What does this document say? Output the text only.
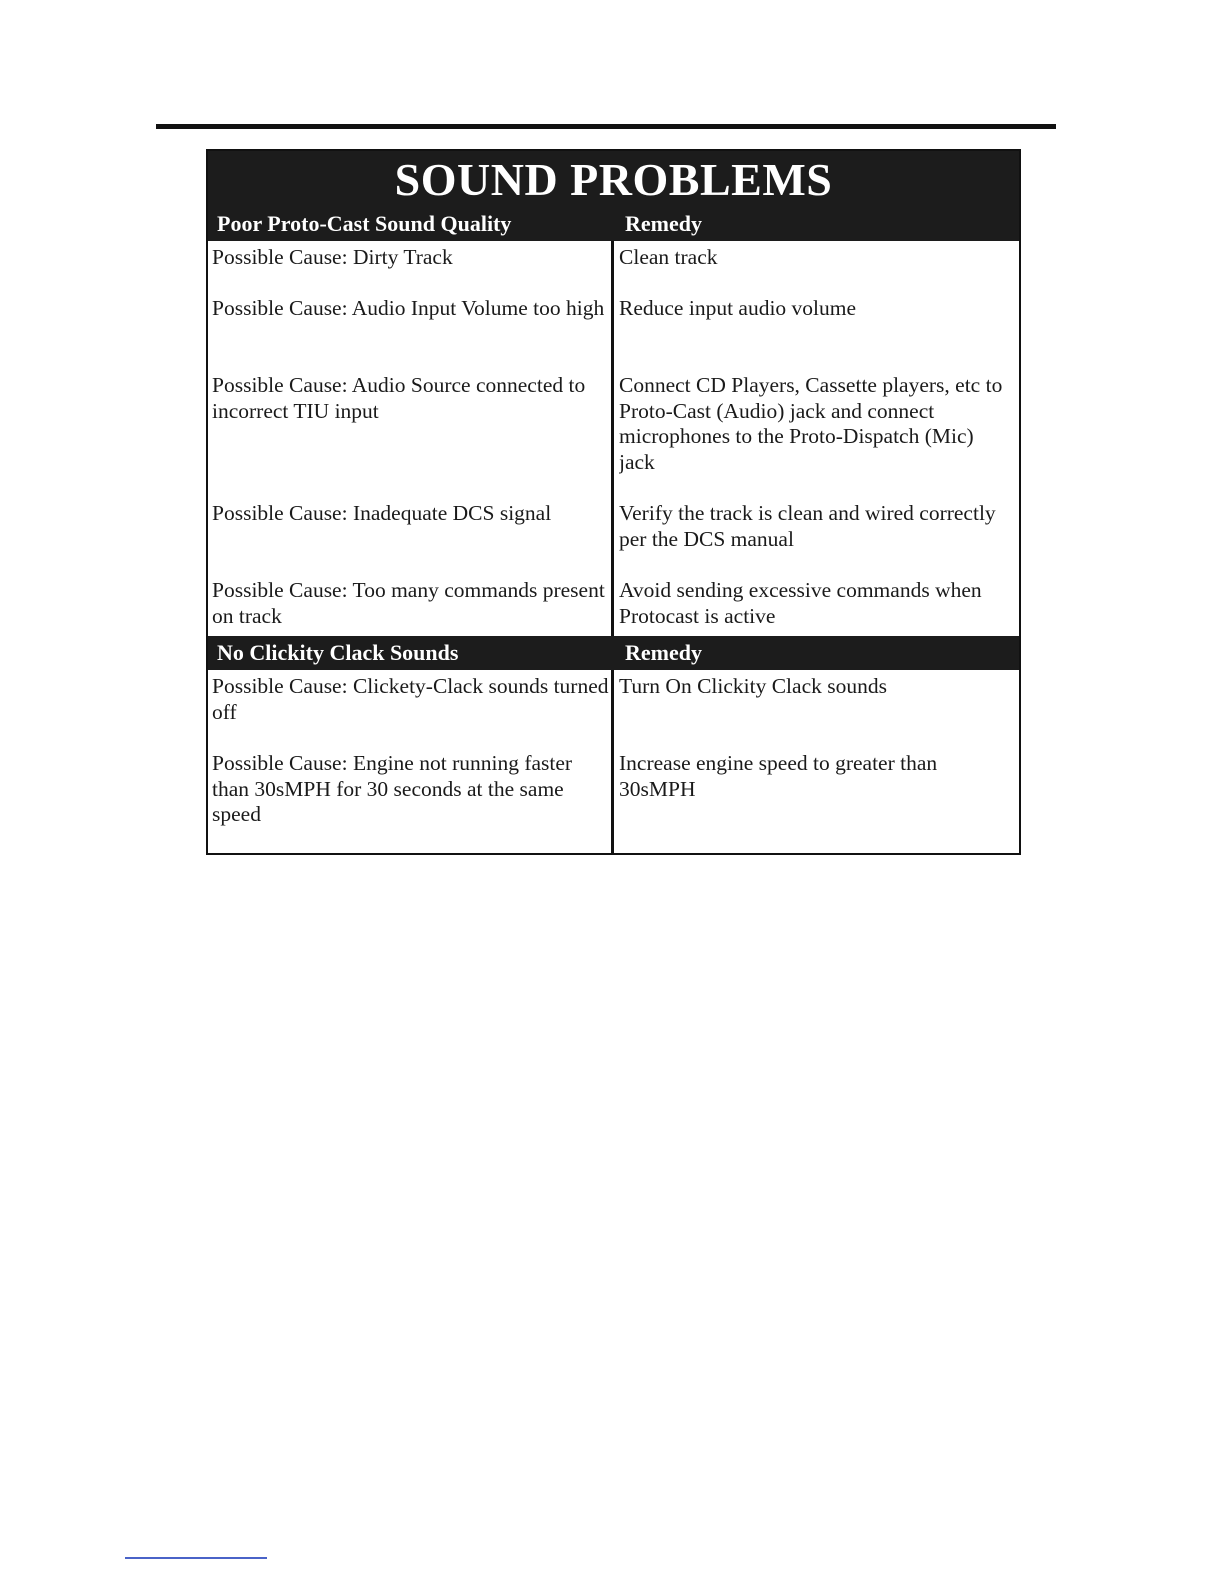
SOUND PROBLEMS
Poor Proto-Cast Sound Quality	Remedy
Possible Cause: Dirty Track
Possible Cause: Audio Input Volume too high
Possible Cause: Audio Source connected to incorrect TIU input
Possible Cause: Inadequate DCS signal
Possible Cause: Too many commands present on track
Clean track
Reduce input audio volume
Connect CD Players, Cassette players, etc to Proto-Cast (Audio) jack and connect microphones to the Proto-Dispatch (Mic) jack
Verify the track is clean and wired correctly per the DCS manual
Avoid sending excessive commands when Protocast is active
No Clickity Clack Sounds	Remedy
Possible Cause: Clickety-Clack sounds turned off
Possible Cause: Engine not running faster than 30sMPH for 30 seconds at the same speed
Turn On Clickity Clack sounds
Increase engine speed to greater than 30sMPH
